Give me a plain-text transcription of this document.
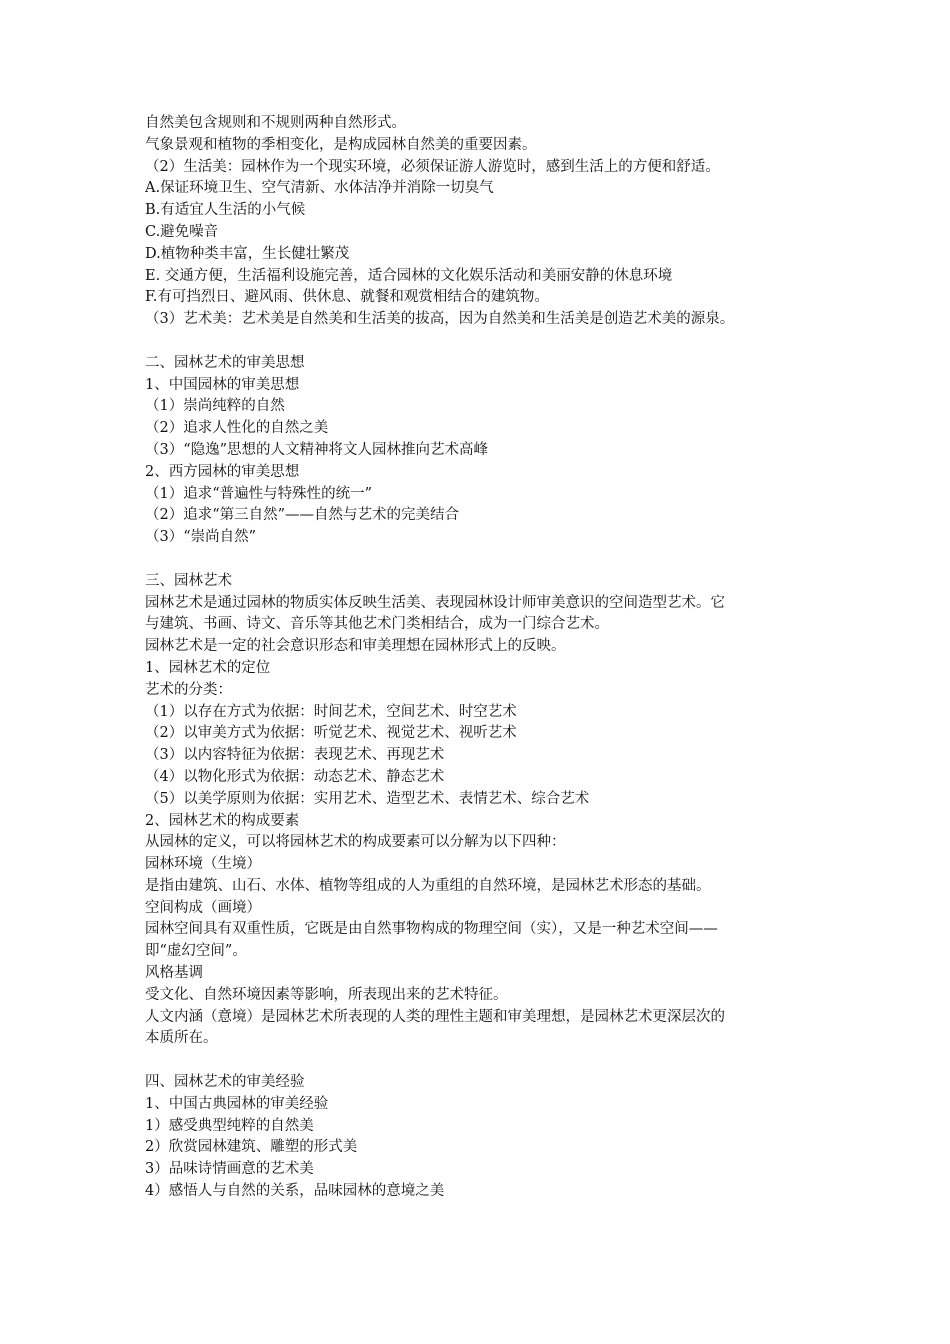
自然美包含规则和不规则两种自然形式。
气象景观和植物的季相变化，是构成园林自然美的重要因素。
（2）生活美：园林作为一个现实环境，必须保证游人游览时，感到生活上的方便和舒适。
A.保证环境卫生、空气清新、水体洁净并消除一切臭气
B.有适宜人生活的小气候
C.避免噪音
D.植物种类丰富，生长健壮繁茂
E. 交通方便，生活福利设施完善，适合园林的文化娱乐活动和美丽安静的休息环境
F.有可挡烈日、避风雨、供休息、就餐和观赏相结合的建筑物。
（3）艺术美：艺术美是自然美和生活美的拔高，因为自然美和生活美是创造艺术美的源泉。
二、园林艺术的审美思想
1、中国园林的审美思想
（1）崇尚纯粹的自然
（2）追求人性化的自然之美
（3）“隐逸”思想的人文精神将文人园林推向艺术高峰
2、西方园林的审美思想
（1）追求“普遍性与特殊性的统一”
（2）追求“第三自然”——自然与艺术的完美结合
（3）“崇尚自然”
三、园林艺术
园林艺术是通过园林的物质实体反映生活美、表现园林设计师审美意识的空间造型艺术。它
与建筑、书画、诗文、音乐等其他艺术门类相结合，成为一门综合艺术。
园林艺术是一定的社会意识形态和审美理想在园林形式上的反映。
1、园林艺术的定位
艺术的分类：
（1）以存在方式为依据：时间艺术，空间艺术、时空艺术
（2）以审美方式为依据：听觉艺术、视觉艺术、视听艺术
（3）以内容特征为依据：表现艺术、再现艺术
（4）以物化形式为依据：动态艺术、静态艺术
（5）以美学原则为依据：实用艺术、造型艺术、表情艺术、综合艺术
2、园林艺术的构成要素
从园林的定义，可以将园林艺术的构成要素可以分解为以下四种：
园林环境（生境）
是指由建筑、山石、水体、植物等组成的人为重组的自然环境，是园林艺术形态的基础。
空间构成（画境）
园林空间具有双重性质，它既是由自然事物构成的物理空间（实），又是一种艺术空间——
即“虚幻空间”。
风格基调
受文化、自然环境因素等影响，所表现出来的艺术特征。
人文内涵（意境）是园林艺术所表现的人类的理性主题和审美理想，是园林艺术更深层次的
本质所在。
四、园林艺术的审美经验
1、中国古典园林的审美经验
1）感受典型纯粹的自然美
2）欣赏园林建筑、雕塑的形式美
3）品味诗情画意的艺术美
4）感悟人与自然的关系，品味园林的意境之美
